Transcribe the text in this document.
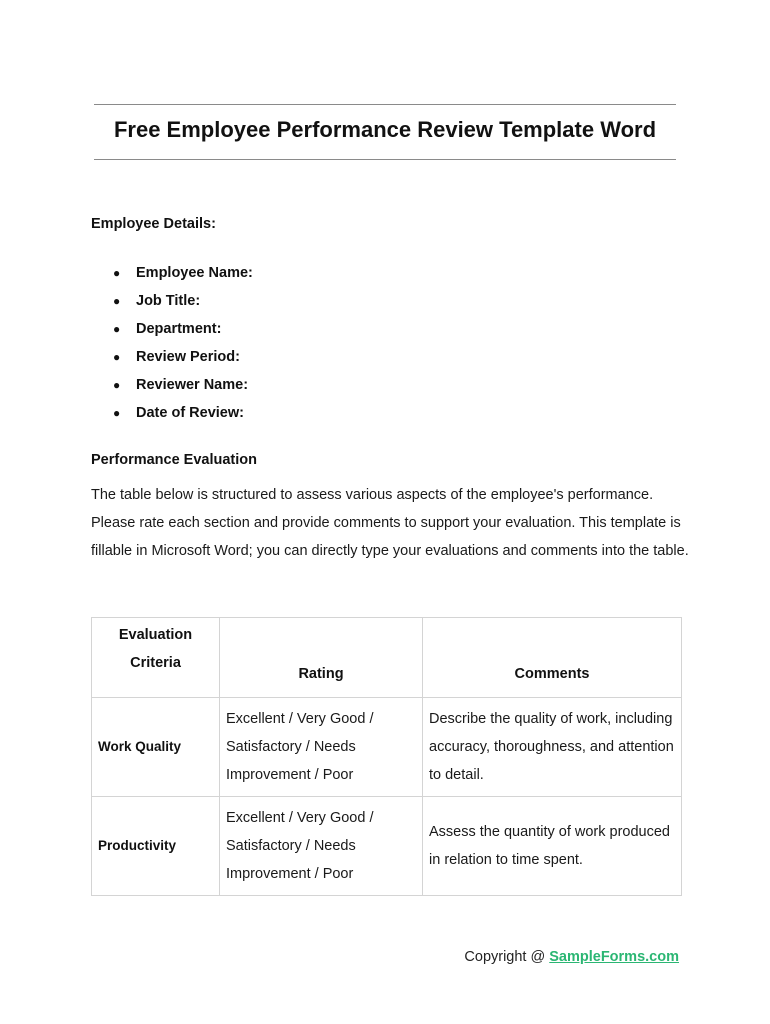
Free Employee Performance Review Template Word
Employee Details:
●	Employee Name:
●	Job Title:
●	Department:
●	Review Period:
●	Reviewer Name:
●	Date of Review:
Performance Evaluation

The table below is structured to assess various aspects of the employee's performance. Please rate each section and provide comments to support your evaluation. This template is fillable in Microsoft Word; you can directly type your evaluations and comments into the table.

Evaluation Criteria	Rating	Comments
Work Quality	Excellent / Very Good / Satisfactory / Needs Improvement / Poor	Describe the quality of work, including accuracy, thoroughness, and attention to detail.
Productivity	Excellent / Very Good / Satisfactory / Needs Improvement / Poor	Assess the quantity of work produced in relation to time spent.
Copyright @ SampleForms.com
